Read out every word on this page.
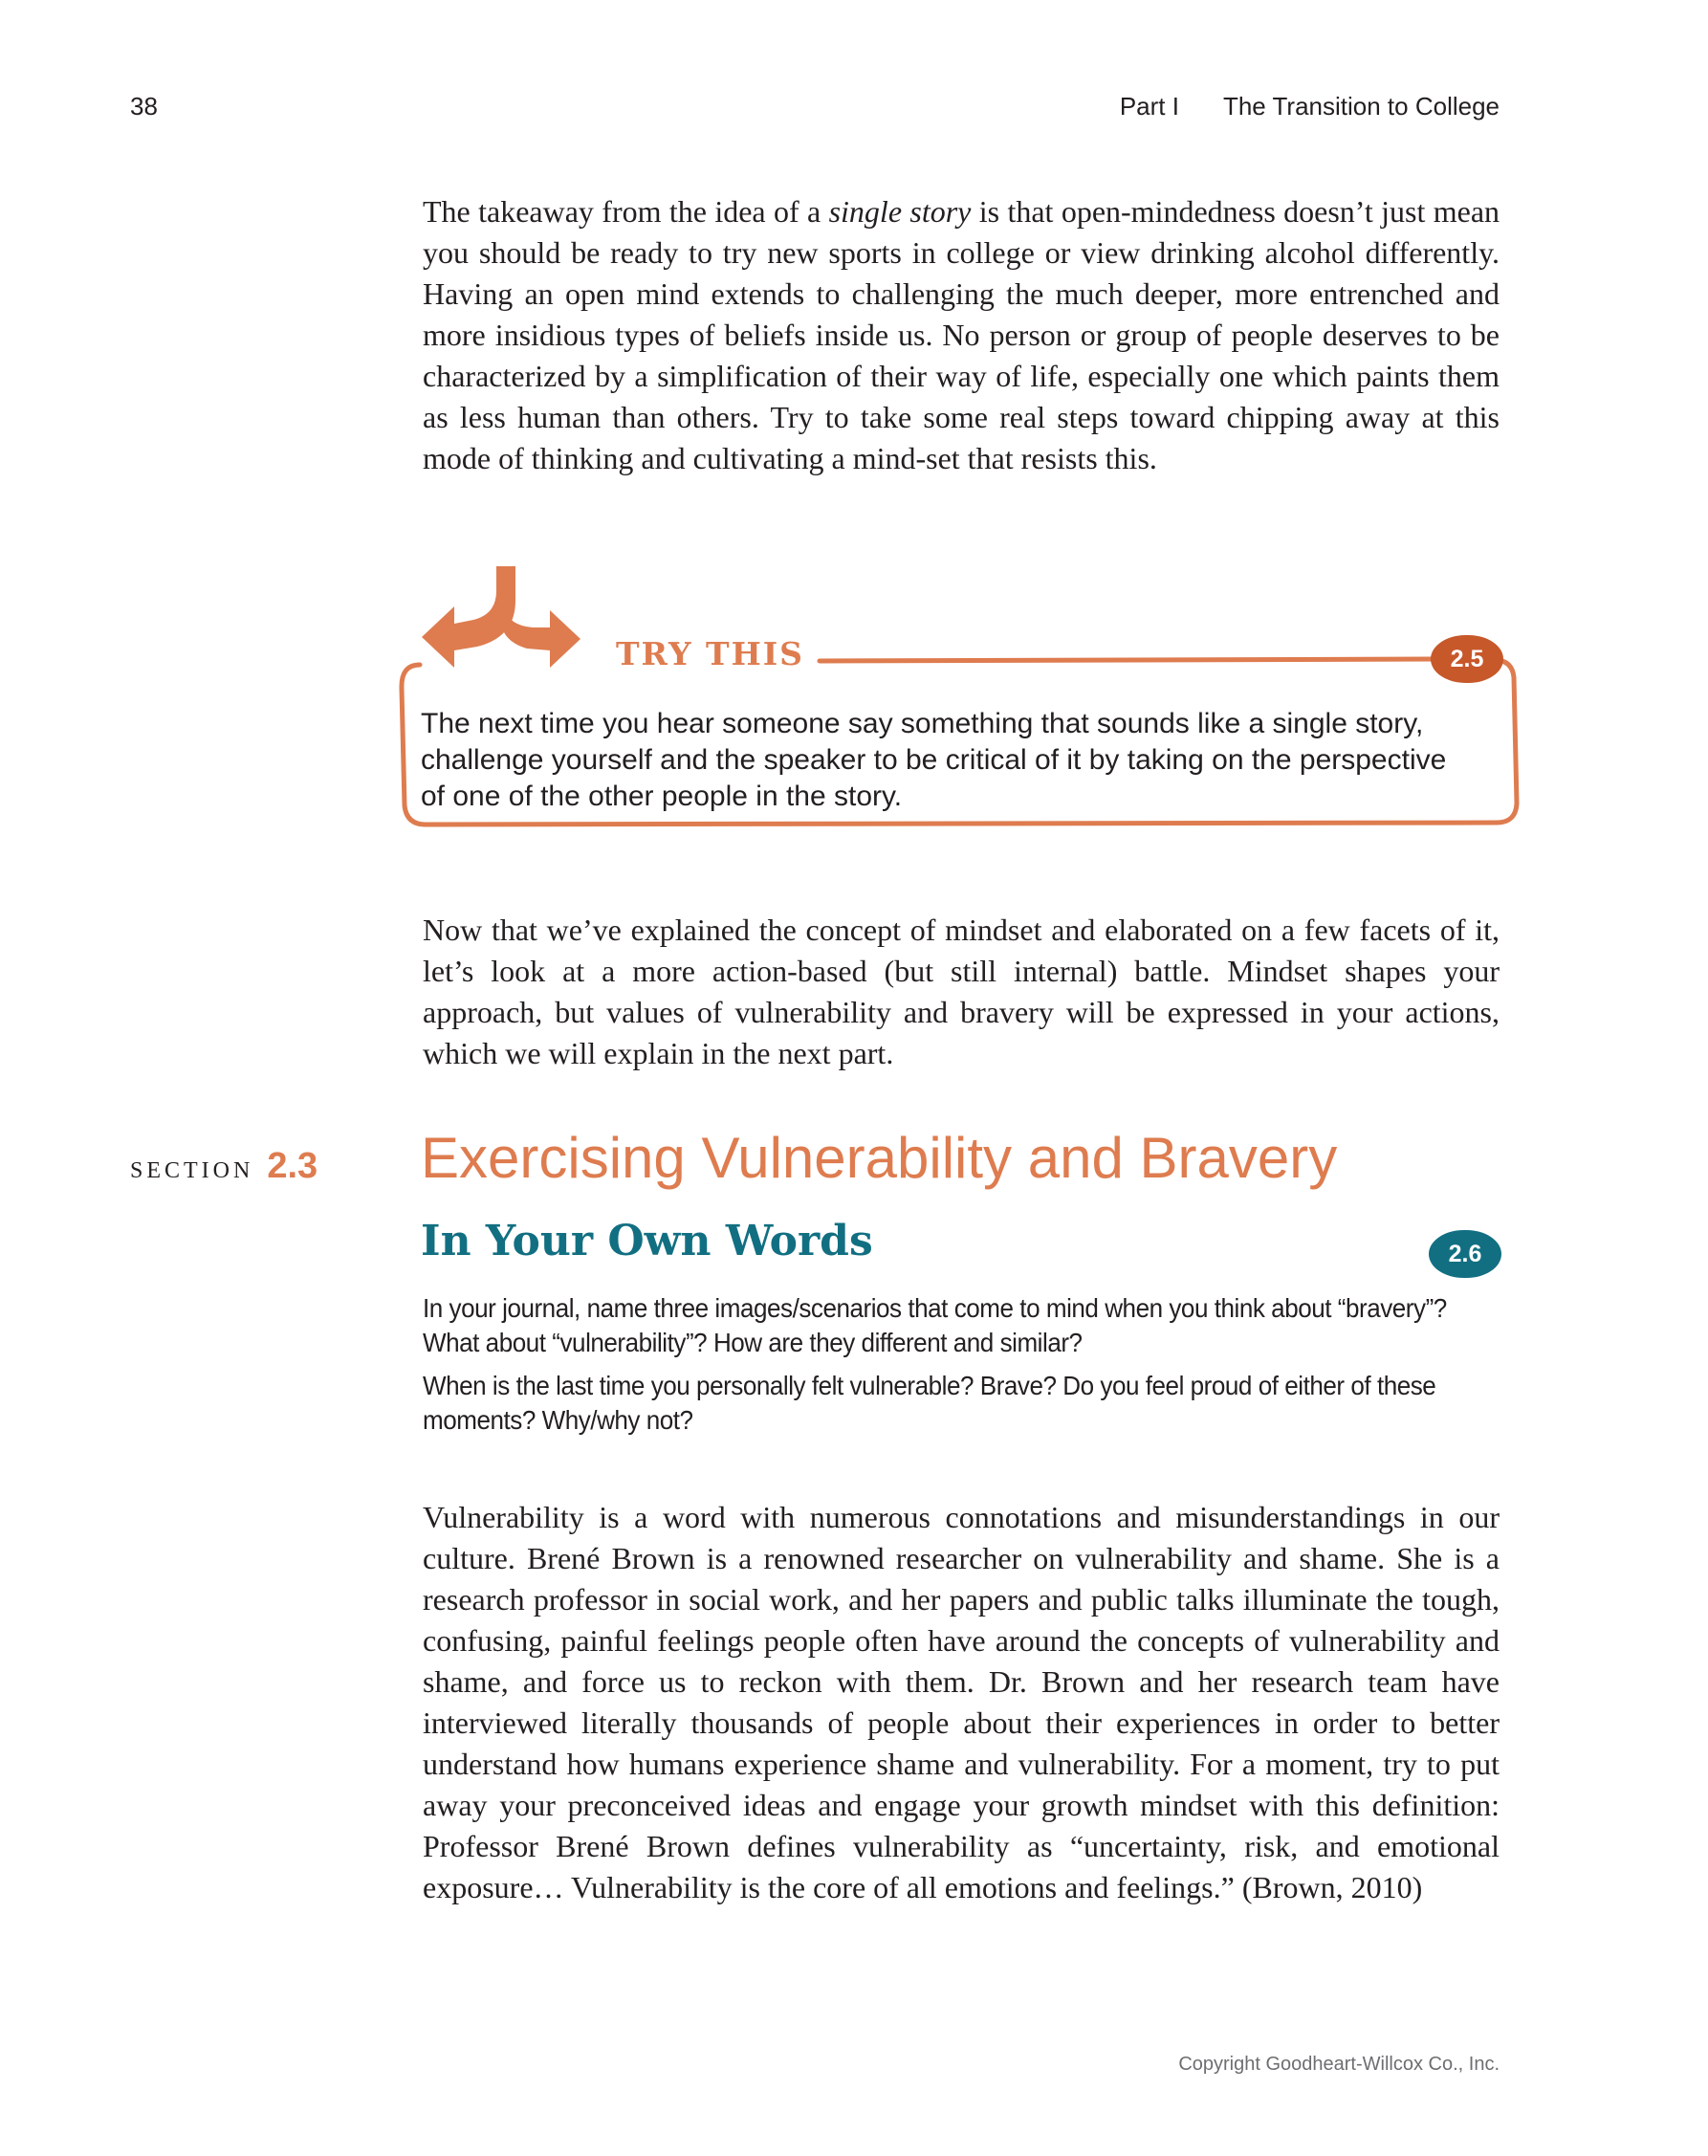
38	Part I The Transition to College

The takeaway from the idea of a single story is that open-mindedness doesn’t just mean you should be ready to try new sports in college or view drinking alcohol differently. Having an open mind extends to challenging the much deeper, more entrenched and more insidious types of beliefs inside us. No person or group of people deserves to be characterized by a simplification of their way of life, especially one which paints them as less human than others. Try to take some real steps toward chipping away at this mode of thinking and cultivating a mind-set that resists this.

TRY THIS	2.5
The next time you hear someone say something that sounds like a single story, challenge yourself and the speaker to be critical of it by taking on the perspective of one of the other people in the story.

Now that we’ve explained the concept of mindset and elaborated on a few facets of it, let’s look at a more action-based (but still internal) battle. Mindset shapes your approach, but values of vulnerability and bravery will be expressed in your actions, which we will explain in the next part.

SECTION 2.3 Exercising Vulnerability and Bravery
In Your Own Words	2.6
In your journal, name three images/scenarios that come to mind when you think about “bravery”? What about “vulnerability”? How are they different and similar?
When is the last time you personally felt vulnerable? Brave? Do you feel proud of either of these moments? Why/why not?

Vulnerability is a word with numerous connotations and misunderstandings in our culture. Brené Brown is a renowned researcher on vulnerability and shame. She is a research professor in social work, and her papers and public talks illuminate the tough, confusing, painful feelings people often have around the concepts of vulnerability and shame, and force us to reckon with them. Dr. Brown and her research team have interviewed literally thousands of people about their experiences in order to better understand how humans experience shame and vulnerability. For a moment, try to put away your preconceived ideas and engage your growth mindset with this definition: Professor Brené Brown defines vulnerability as “uncertainty, risk, and emotional exposure… Vulnerability is the core of all emotions and feelings.” (Brown, 2010)

Copyright Goodheart-Willcox Co., Inc.
